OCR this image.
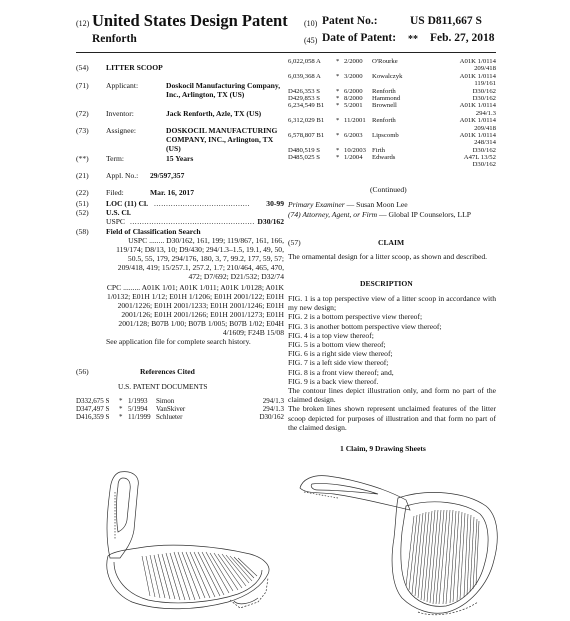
(12) United States Design Patent (10) Patent No.:	US D811,667 S
Renforth	(45) Date of Patent: ** Feb. 27, 2018
(54)	LITTER SCOOP
(71)	Applicant:	Doskocil Manufacturing Company, Inc., Arlington, TX (US)
(72)	Inventor:	Jack Renforth, Azle, TX (US)
(73)	Assignee:	DOSKOCIL MANUFACTURING COMPANY, INC., Arlington, TX (US)
(**)	Term:	15 Years
(21)	Appl. No.: 29/597,357
(22)	Filed:	Mar. 16, 2017
(51)	LOC (11) Cl. ........................................ 30-99
(52)	U.S. Cl.
USPC .................................................... D30/162
(58)	Field of Classification Search
USPC ........ D30/162, 161, 199; 119/867, 161, 166, 119/174; D8/13, 10; D9/430; 294/1.3–1.5, 19.1, 49, 50, 50.5, 55, 179, 294/176, 180, 3, 7, 99.2, 177, 59, 57; 209/418, 419; 15/257.1, 257.2, 1.7; 210/464, 465, 470, 472; D7/692; D21/532; D32/74
CPC ......... A01K 1/01; A01K 1/011; A01K 1/0128; A01K 1/0132; E01H 1/12; E01H 1/1206; E01H 2001/122; E01H 2001/1226; E01H 2001/1233; E01H 2001/1246; E01H 2001/126; E01H 2001/1266; E01H 2001/1273; E01H 2001/128; B07B 1/00; B07B 1/005; B07B 1/02; E04H 4/1609; F24B 15/08
See application file for complete search history.
(56)	References Cited
U.S. PATENT DOCUMENTS
D332,675 S * 1/1993 Simon	294/1.3
D347,497 S * 5/1994 VanSkiver	294/1.3
D416,359 S * 11/1999 Schlueter	D30/162
6,022,058 A * 2/2000 O'Rourke	A01K 1/0114
209/418
6,039,368 A * 3/2000 Kowalczyk	A01K 1/0114
119/161
D426,353 S * 6/2000 Renforth	D30/162
D429,853 S * 8/2000 Hammond	D30/162
6,234,549 B1 * 5/2001 Brownell	A01K 1/0114
294/1.3
6,312,029 B1 * 11/2001 Renforth	A01K 1/0114
209/418
6,578,807 B1 * 6/2003 Lipscomb	A01K 1/0114
248/314
D480,519 S * 10/2003 Firth	D30/162
D485,025 S * 1/2004 Edwards	A47L 13/52
D30/162
(Continued)
Primary Examiner — Susan Moon Lee
(74) Attorney, Agent, or Firm — Global IP Counselors, LLP
(57)	CLAIM
The ornamental design for a litter scoop, as shown and described.
DESCRIPTION
FIG. 1 is a top perspective view of a litter scoop in accordance with my new design;
FIG. 2 is a bottom perspective view thereof;
FIG. 3 is another bottom perspective view thereof;
FIG. 4 is a top view thereof;
FIG. 5 is a bottom view thereof;
FIG. 6 is a right side view thereof;
FIG. 7 is a left side view thereof;
FIG. 8 is a front view thereof; and,
FIG. 9 is a back view thereof.
The contour lines depict illustration only, and form no part of the claimed design.
The broken lines shown represent unclaimed features of the litter scoop depicted for purposes of illustration and that form no part of the claimed design.
1 Claim, 9 Drawing Sheets
